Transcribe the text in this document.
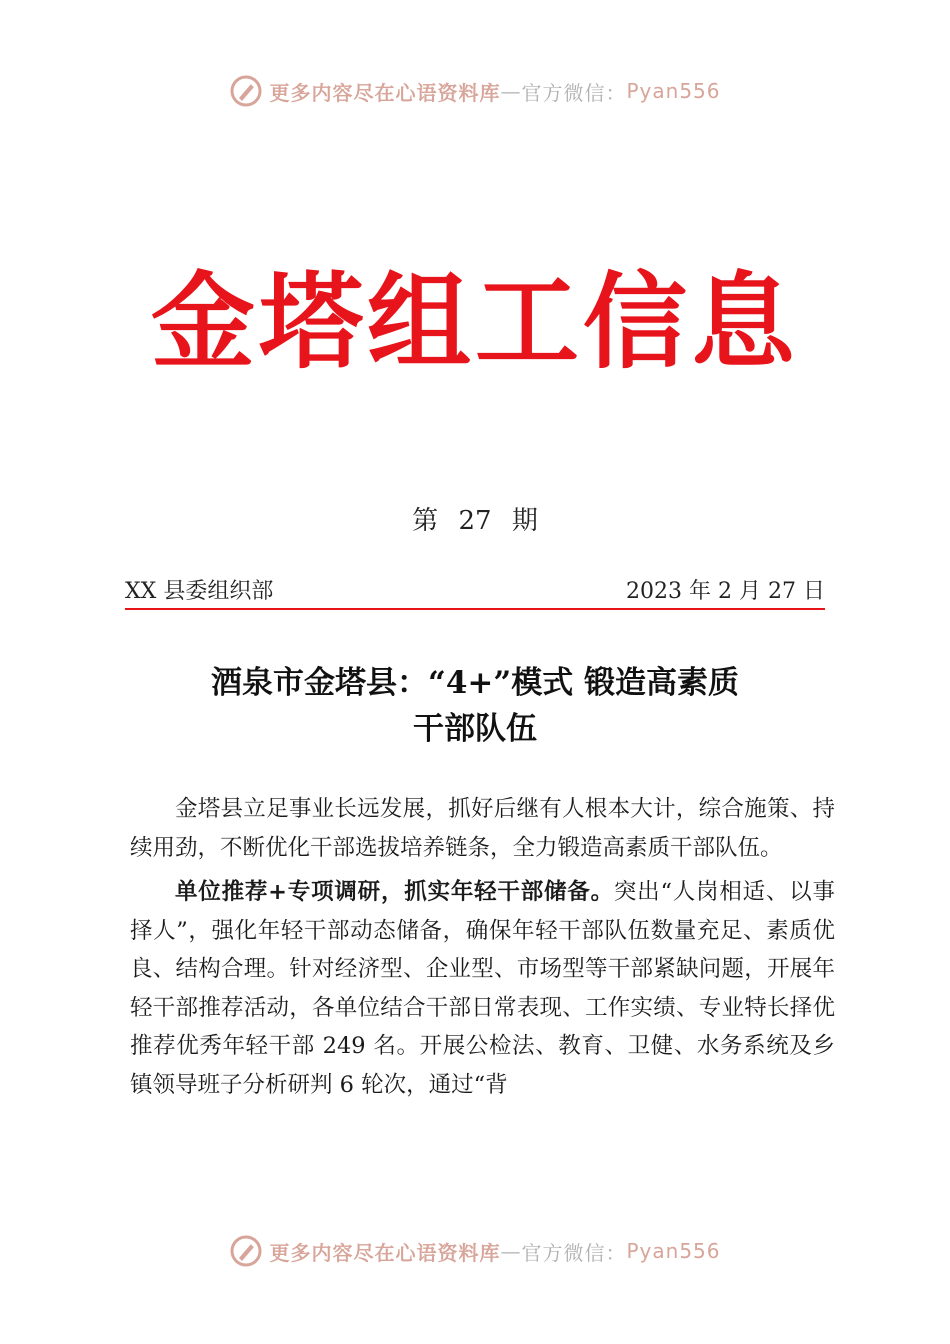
更多内容尽在心语资料库 — 官方微信： Pyan556
金塔组工信息
第 27 期
XX 县委组织部	2023 年 2 月 27 日
酒泉市金塔县：“4+”模式 锻造高素质
干部队伍

金塔县立足事业长远发展，抓好后继有人根本大计，综合施策、持续用劲，不断优化干部选拔培养链条，全力锻造高素质干部队伍。

单位推荐+专项调研，抓实年轻干部储备。突出“人岗相适、以事择人”，强化年轻干部动态储备，确保年轻干部队伍数量充足、素质优良、结构合理。针对经济型、企业型、市场型等干部紧缺问题，开展年轻干部推荐活动，各单位结合干部日常表现、工作实绩、专业特长择优推荐优秀年轻干部 249 名。开展公检法、教育、卫健、水务系统及乡镇领导班子分析研判 6 轮次，通过“背

更多内容尽在心语资料库 — 官方微信： Pyan556
